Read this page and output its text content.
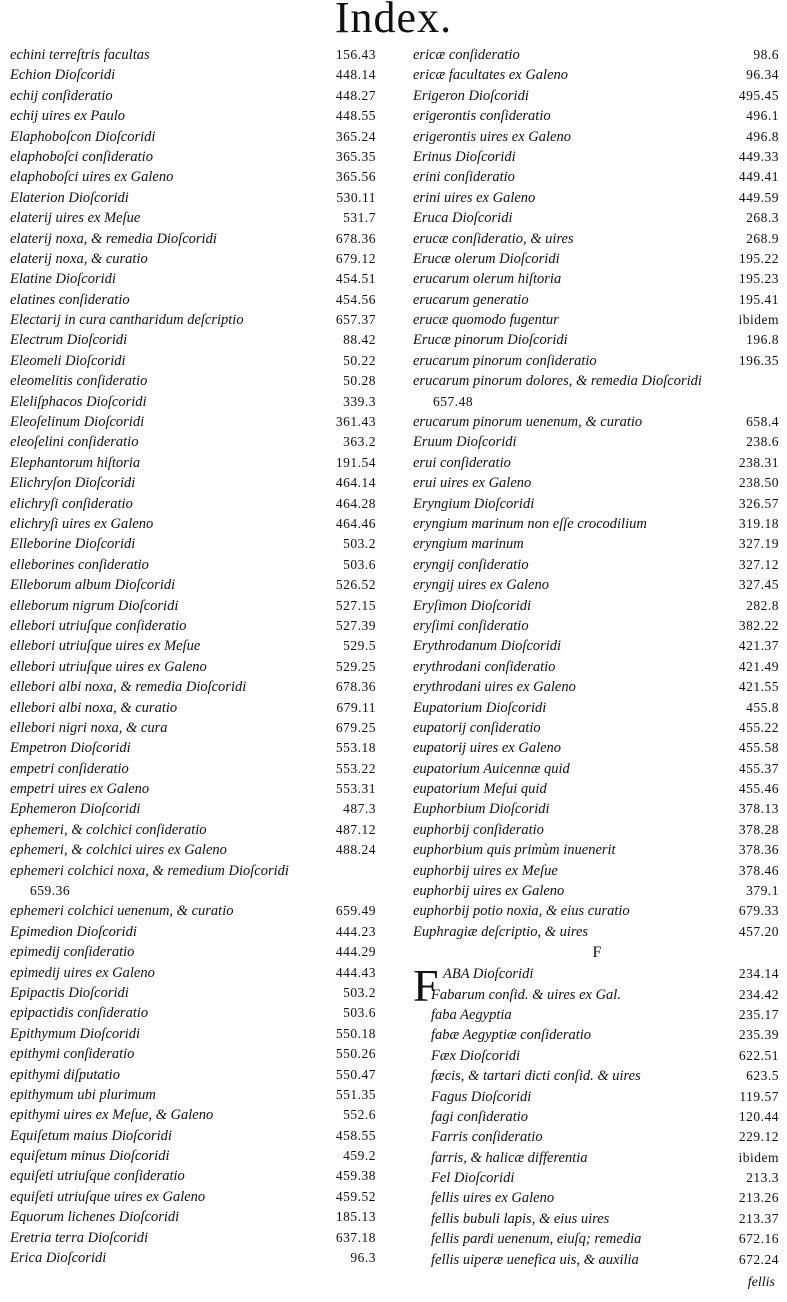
Index.
echini terreſtris facultas	156.43
Echion Dioſcoridi	448.14
echij conſideratio	448.27
echij uires ex Paulo	448.55
Elaphoboſcon Dioſcoridi	365.24
elaphoboſci conſideratio	365.35
elaphoboſci uires ex Galeno	365.56
Elaterion Dioſcoridi	530.11
elaterij uires ex Meſue	531.7
elaterij noxa, & remedia Dioſcoridi	678.36
elaterij noxa, & curatio	679.12
Elatine Dioſcoridi	454.51
elatines conſideratio	454.56
Electarij in cura cantharidum deſcriptio	657.37
Electrum Dioſcoridi	88.42
Eleomeli Dioſcoridi	50.22
eleomelitis conſideratio	50.28
Eleliſphacos Dioſcoridi	339.3
Eleoſelinum Dioſcoridi	361.43
eleoſelini conſideratio	363.2
Elephantorum hiſtoria	191.54
Elichryſon Dioſcoridi	464.14
elichryſi conſideratio	464.28
elichryſi uires ex Galeno	464.46
Elleborine Dioſcoridi	503.2
elleborines conſideratio	503.6
Elleborum album Dioſcoridi	526.52
elleborum nigrum Dioſcoridi	527.15
ellebori utriuſque conſideratio	527.39
ellebori utriuſque uires ex Meſue	529.5
ellebori utriuſque uires ex Galeno	529.25
ellebori albi noxa, & remedia Dioſcoridi	678.36
ellebori albi noxa, & curatio	679.11
ellebori nigri noxa, & cura	679.25
Empetron Dioſcoridi	553.18
empetri conſideratio	553.22
empetri uires ex Galeno	553.31
Ephemeron Dioſcoridi	487.3
ephemeri, & colchici conſideratio	487.12
ephemeri, & colchici uires ex Galeno	488.24
ephemeri colchici noxa, & remedium Dioſcoridi
659.36
ephemeri colchici uenenum, & curatio	659.49
Epimedion Dioſcoridi	444.23
epimedij conſideratio	444.29
epimedij uires ex Galeno	444.43
Epipactis Dioſcoridi	503.2
epipactidis conſideratio	503.6
Epithymum Dioſcoridi	550.18
epithymi conſideratio	550.26
epithymi diſputatio	550.47
epithymum ubi plurimum	551.35
epithymi uires ex Meſue, & Galeno	552.6
Equiſetum maius Dioſcoridi	458.55
equiſetum minus Dioſcoridi	459.2
equiſeti utriuſque conſideratio	459.38
equiſeti utriuſque uires ex Galeno	459.52
Equorum lichenes Dioſcoridi	185.13
Eretria terra Dioſcoridi	637.18
Erica Dioſcoridi	96.3
ericæ conſideratio	98.6
ericæ facultates ex Galeno	96.34
Erigeron Dioſcoridi	495.45
erigerontis conſideratio	496.1
erigerontis uires ex Galeno	496.8
Erinus Dioſcoridi	449.33
erini conſideratio	449.41
erini uires ex Galeno	449.59
Eruca Dioſcoridi	268.3
erucæ conſideratio, & uires	268.9
Erucæ olerum Dioſcoridi	195.22
erucarum olerum hiſtoria	195.23
erucarum generatio	195.41
erucæ quomodo fugentur	ibidem
Erucæ pinorum Dioſcoridi	196.8
erucarum pinorum conſideratio	196.35
erucarum pinorum dolores, & remedia Dioſcoridi
657.48
erucarum pinorum uenenum, & curatio	658.4
Eruum Dioſcoridi	238.6
erui conſideratio	238.31
erui uires ex Galeno	238.50
Eryngium Dioſcoridi	326.57
eryngium marinum non eſſe crocodilium	319.18
eryngium marinum	327.19
eryngij conſideratio	327.12
eryngij uires ex Galeno	327.45
Eryſimon Dioſcoridi	282.8
eryſimi conſideratio	382.22
Erythrodanum Dioſcoridi	421.37
erythrodani conſideratio	421.49
erythrodani uires ex Galeno	421.55
Eupatorium Dioſcoridi	455.8
eupatorij conſideratio	455.22
eupatorij uires ex Galeno	455.58
eupatorium Auicennæ quid	455.37
eupatorium Meſui quid	455.46
Euphorbium Dioſcoridi	378.13
euphorbij conſideratio	378.28
euphorbium quis primùm inuenerit	378.36
euphorbij uires ex Meſue	378.46
euphorbij uires ex Galeno	379.1
euphorbij potio noxia, & eius curatio	679.33
Euphragiæ deſcriptio, & uires	457.20
F
F ABA Dioſcoridi	234.14
Fabarum conſid. & uires ex Gal.	234.42
faba Aegyptia	235.17
fabæ Aegyptiæ conſideratio	235.39
Fæx Dioſcoridi	622.51
fæcis, & tartari dicti conſid. & uires	623.5
Fagus Dioſcoridi	119.57
fagi conſideratio	120.44
Farris conſideratio	229.12
farris, & halicæ differentia	ibidem
Fel Dioſcoridi	213.3
fellis uires ex Galeno	213.26
fellis bubuli lapis, & eius uires	213.37
fellis pardi uenenum, eiuſq; remedia	672.16
fellis uiperæ uenefica uis, & auxilia	672.24
fellis
